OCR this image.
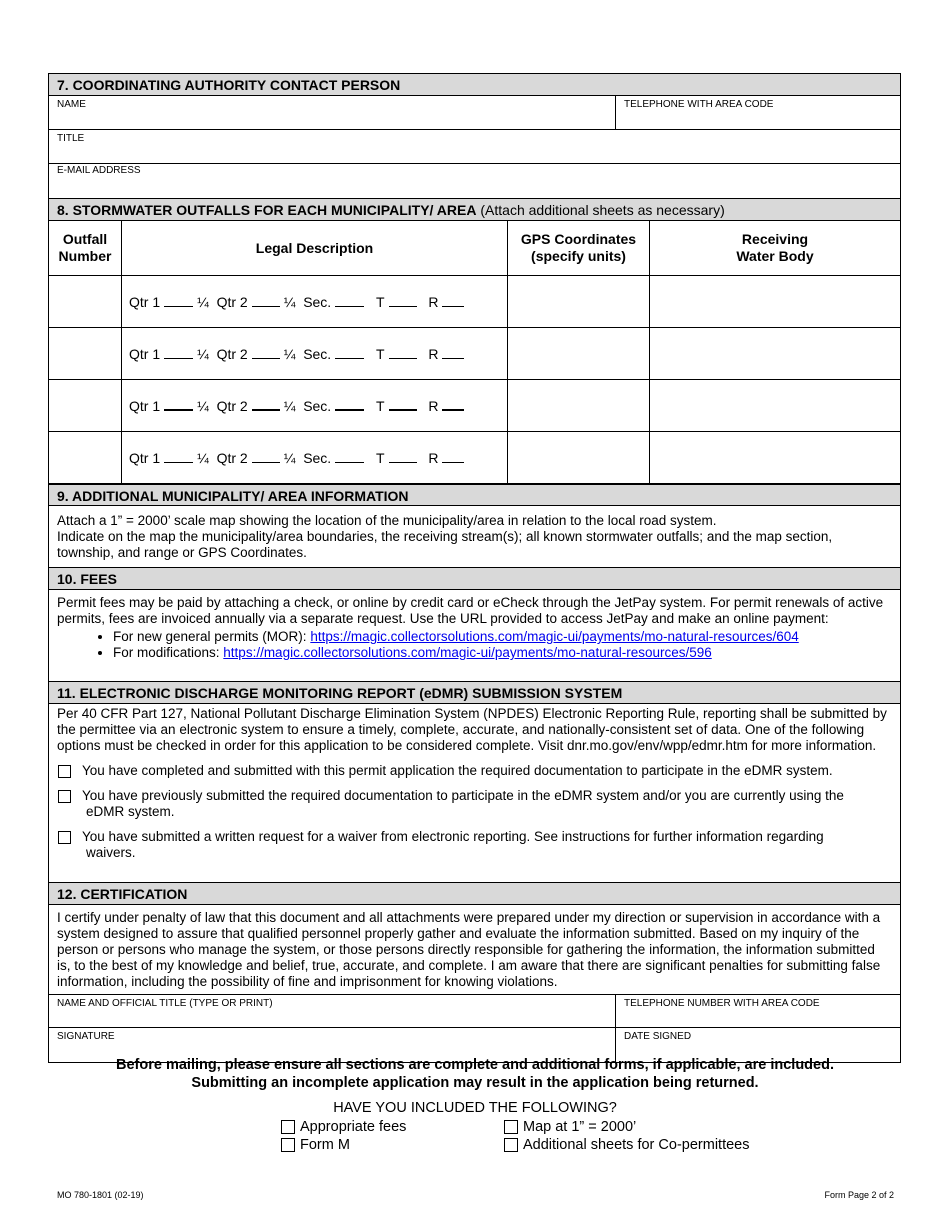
7. COORDINATING AUTHORITY CONTACT PERSON
NAME	TELEPHONE WITH AREA CODE
TITLE
E-MAIL ADDRESS
8. STORMWATER OUTFALLS FOR EACH MUNICIPALITY/ AREA (Attach additional sheets as necessary)
Outfall Number	Legal Description	GPS Coordinates (specify units)	Receiving Water Body

	Qtr 1 ¼ Qtr 2 ¼ Sec. T R		
	Qtr 1 ¼ Qtr 2 ¼ Sec. T R		
	Qtr 1 ¼ Qtr 2 ¼ Sec. T R		
	Qtr 1 ¼ Qtr 2 ¼ Sec. T R		
9. ADDITIONAL MUNICIPALITY/ AREA INFORMATION
Attach a 1” = 2000’ scale map showing the location of the municipality/area in relation to the local road system.
Indicate on the map the municipality/area boundaries, the receiving stream(s); all known stormwater outfalls; and the map section, township, and range or GPS Coordinates.
10. FEES
Permit fees may be paid by attaching a check, or online by credit card or eCheck through the JetPay system. For permit renewals of active permits, fees are invoiced annually via a separate request. Use the URL provided to access JetPay and make an online payment:
• For new general permits (MOR): https://magic.collectorsolutions.com/magic-ui/payments/mo-natural-resources/604
• For modifications: https://magic.collectorsolutions.com/magic-ui/payments/mo-natural-resources/596
11. ELECTRONIC DISCHARGE MONITORING REPORT (eDMR) SUBMISSION SYSTEM
Per 40 CFR Part 127, National Pollutant Discharge Elimination System (NPDES) Electronic Reporting Rule, reporting shall be submitted by the permittee via an electronic system to ensure a timely, complete, accurate, and nationally-consistent set of data. One of the following options must be checked in order for this application to be considered complete. Visit dnr.mo.gov/env/wpp/edmr.htm for more information.
You have completed and submitted with this permit application the required documentation to participate in the eDMR system.
You have previously submitted the required documentation to participate in the eDMR system and/or you are currently using the
eDMR system.
You have submitted a written request for a waiver from electronic reporting. See instructions for further information regarding
waivers.
12. CERTIFICATION
I certify under penalty of law that this document and all attachments were prepared under my direction or supervision in accordance with a system designed to assure that qualified personnel properly gather and evaluate the information submitted. Based on my inquiry of the person or persons who manage the system, or those persons directly responsible for gathering the information, the information submitted is, to the best of my knowledge and belief, true, accurate, and complete. I am aware that there are significant penalties for submitting false information, including the possibility of fine and imprisonment for knowing violations.
NAME AND OFFICIAL TITLE (TYPE OR PRINT)	TELEPHONE NUMBER WITH AREA CODE
SIGNATURE	DATE SIGNED
Before mailing, please ensure all sections are complete and additional forms, if applicable, are included.
Submitting an incomplete application may result in the application being returned.
HAVE YOU INCLUDED THE FOLLOWING?
Appropriate fees	Map at 1” = 2000’
Form M	Additional sheets for Co-permittees
MO 780-1801 (02-19)	Form Page 2 of 2
